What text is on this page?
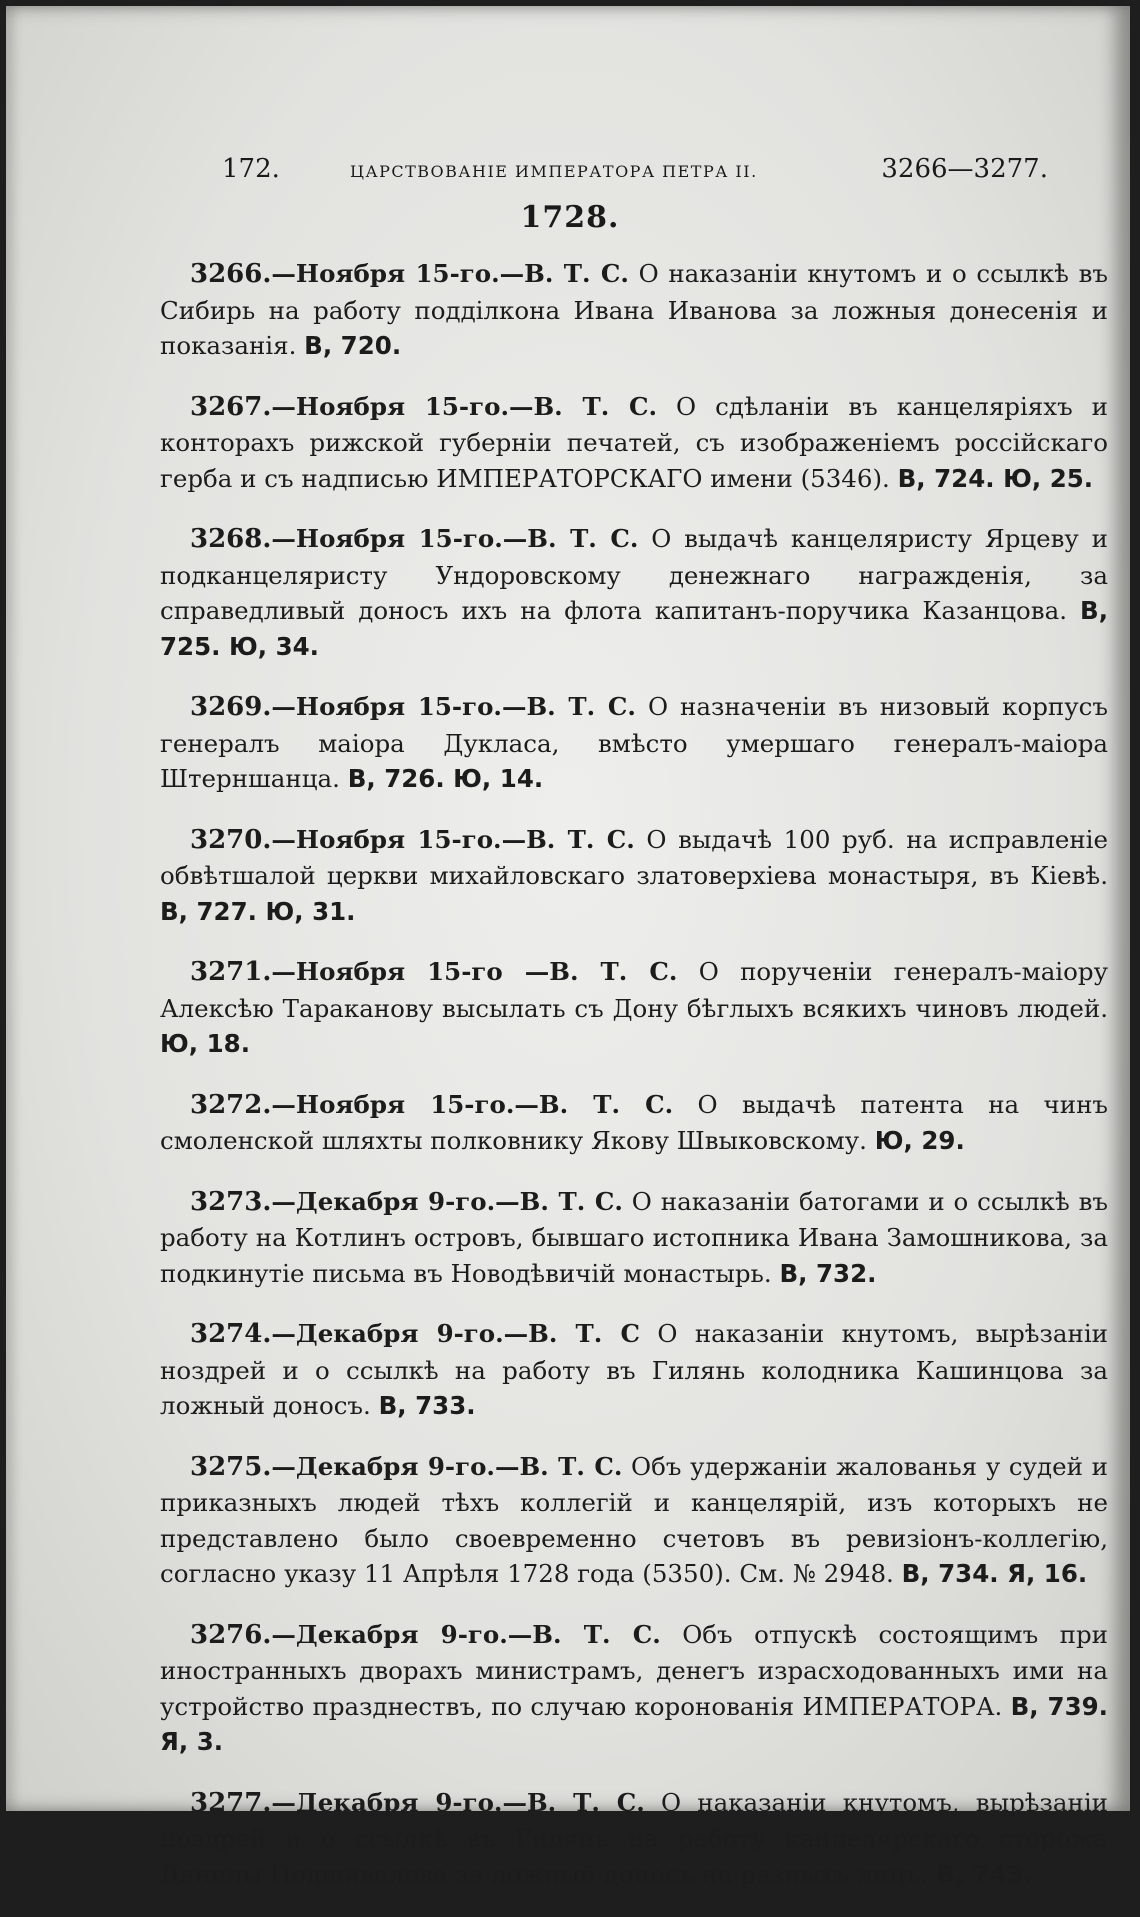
172.	ЦАРСТВОВАНІЕ ИМПЕРАТОРА ПЕТРА II.	3266—3277.
1728.

3266.—Ноября 15-го.—В. Т. С. О наказаніи кнутомъ и о ссылкѣ въ Сибирь на работу подділкона Ивана Иванова за ложныя донесенія и показанія. В, 720.

3267.—Ноября 15-го.—В. Т. С. О сдѣланіи въ канцеляріяхъ и конторахъ рижской губерніи печатей, съ изображеніемъ россійскаго герба и съ надписью ИМПЕРАТОРСКАГО имени (5346). В, 724. Ю, 25.

3268.—Ноября 15-го.—В. Т. С. О выдачѣ канцеляристу Ярцеву и подканцеляристу Ундоровскому денежнаго награжденія, за справедливый доносъ ихъ на флота капитанъ-поручика Казанцова. В, 725. Ю, 34.

3269.—Ноября 15-го.—В. Т. С. О назначеніи въ низовый корпусъ генералъ маіора Дукласа, вмѣсто умершаго генералъ-маіора Штерншанца. В, 726. Ю, 14.

3270.—Ноября 15-го.—В. Т. С. О выдачѣ 100 руб. на исправленіе обвѣтшалой церкви михайловскаго златоверхіева монастыря, въ Кіевѣ. В, 727. Ю, 31.

3271.—Ноября 15-го —В. Т. С. О порученіи генералъ-маіору Алексѣю Тараканову высылать съ Дону бѣглыхъ всякихъ чиновъ людей. Ю, 18.

3272.—Ноября 15-го.—В. Т. С. О выдачѣ патента на чинъ смоленской шляхты полковнику Якову Швыковскому. Ю, 29.

3273.—Декабря 9-го.—В. Т. С. О наказаніи батогами и о ссылкѣ въ работу на Котлинъ островъ, бывшаго истопника Ивана Замошникова, за подкинутіе письма въ Новодѣвичій монастырь. В, 732.

3274.—Декабря 9-го.—В. Т. С О наказаніи кнутомъ, вырѣзаніи ноздрей и о ссылкѣ на работу въ Гилянь колодника Кашинцова за ложный доносъ. В, 733.

3275.—Декабря 9-го.—В. Т. С. Объ удержаніи жалованья у судей и приказныхъ людей тѣхъ коллегій и канцелярій, изъ которыхъ не представлено было своевременно счетовъ въ ревизіонъ-коллегію, согласно указу 11 Апрѣля 1728 года (5350). См. № 2948. В, 734. Я, 16.

3276.—Декабря 9-го.—В. Т. С. Объ отпускѣ состоящимъ при иностранныхъ дворахъ министрамъ, денегъ израсходованныхъ ими на устройство празднествъ, по случаю коронованія ИМПЕРАТОРА. В, 739. Я, 3.

3277.—Декабря 9-го.—В. Т. С. О наказаніи кнутомъ, вырѣзаніи ноздрей и о ссылкѣ въ Гилянь на работу канцелярскаго сторожа Данилы Подшивалова за ложный доносъ на разныхъ лицъ. В, 743.
